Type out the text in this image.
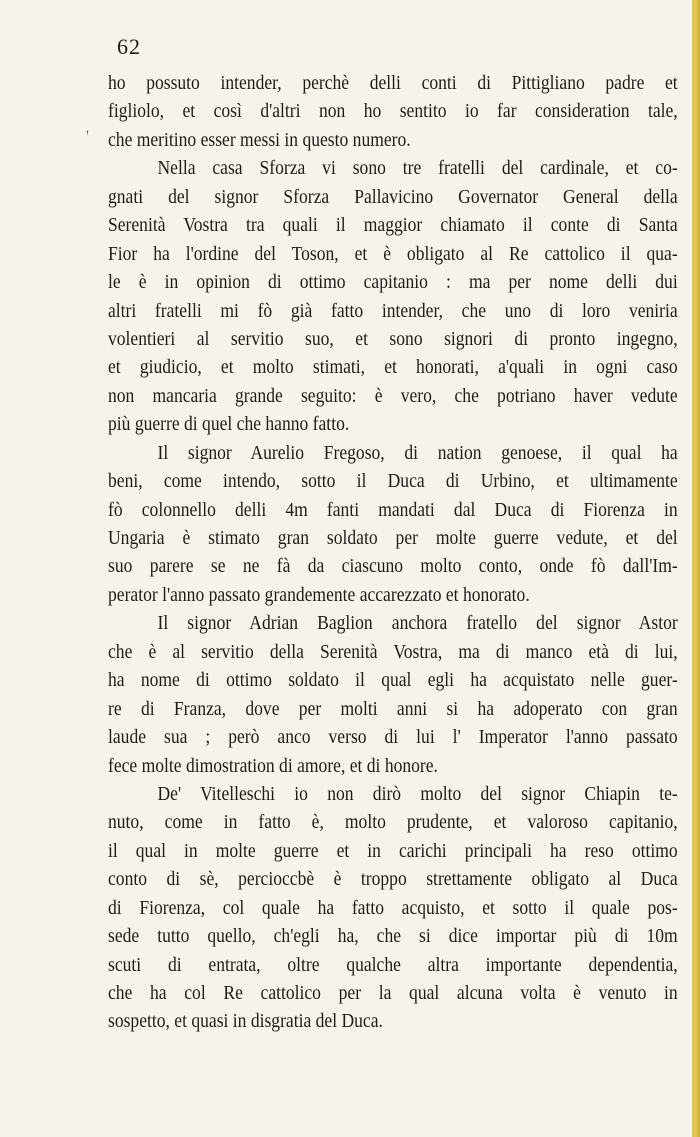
62
'
ho possuto intender, perchè delli conti di Pittigliano padre et
figliolo, et così d'altri non ho sentito io far consideration tale,
che meritino esser messi in questo numero.
Nella casa Sforza vi sono tre fratelli del cardinale, et co-
gnati del signor Sforza Pallavicino Governator General della
Serenità Vostra tra quali il maggior chiamato il conte di Santa
Fior ha l'ordine del Toson, et è obligato al Re cattolico il qua-
le è in opinion di ottimo capitanio : ma per nome delli dui
altri fratelli mi fò già fatto intender, che uno di loro veniria
volentieri al servitio suo, et sono signori di pronto ingegno,
et giudicio, et molto stimati, et honorati, a'quali in ogni caso
non mancaria grande seguito: è vero, che potriano haver vedute
più guerre di quel che hanno fatto.
Il signor Aurelio Fregoso, di nation genoese, il qual ha
beni, come intendo, sotto il Duca di Urbino, et ultimamente
fò colonnello delli 4m fanti mandati dal Duca di Fiorenza in
Ungaria è stimato gran soldato per molte guerre vedute, et del
suo parere se ne fà da ciascuno molto conto, onde fò dall'Im-
perator l'anno passato grandemente accarezzato et honorato.
Il signor Adrian Baglion anchora fratello del signor Astor
che è al servitio della Serenità Vostra, ma di manco età di lui,
ha nome di ottimo soldato il qual egli ha acquistato nelle guer-
re di Franza, dove per molti anni si ha adoperato con gran
laude sua ; però anco verso di lui l' Imperator l'anno passato
fece molte dimostration di amore, et di honore.
De' Vitelleschi io non dirò molto del signor Chiapin te-
nuto, come in fatto è, molto prudente, et valoroso capitanio,
il qual in molte guerre et in carichi principali ha reso ottimo
conto di sè, percioccbè è troppo strettamente obligato al Duca
di Fiorenza, col quale ha fatto acquisto, et sotto il quale pos-
sede tutto quello, ch'egli ha, che si dice importar più di 10m
scuti di entrata, oltre qualche altra importante dependentia,
che ha col Re cattolico per la qual alcuna volta è venuto in
sospetto, et quasi in disgratia del Duca.
